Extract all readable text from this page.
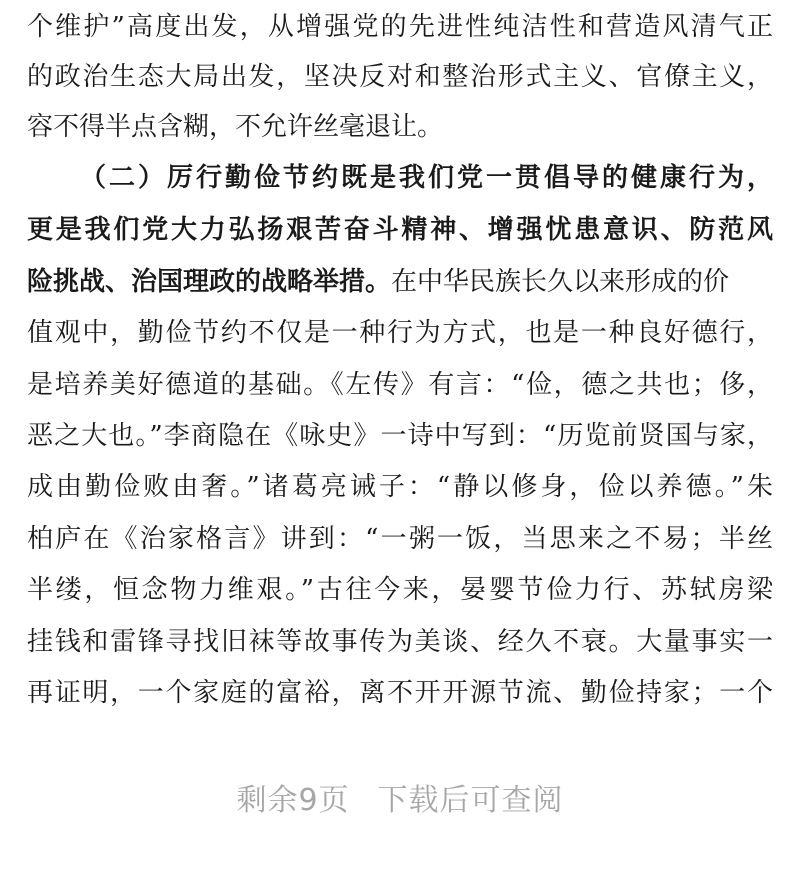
个维护”高度出发，从增强党的先进性纯洁性和营造风清气正
的政治生态大局出发，坚决反对和整治形式主义、官僚主义，
容不得半点含糊，不允许丝毫退让。
（二）厉行勤俭节约既是我们党一贯倡导的健康行为，
更是我们党大力弘扬艰苦奋斗精神、增强忧患意识、防范风
险挑战、治国理政的战略举措。在中华民族长久以来形成的价
值观中，勤俭节约不仅是一种行为方式，也是一种良好德行，
是培养美好德道的基础。《左传》有言：“俭，德之共也；侈，
恶之大也。”李商隐在《咏史》一诗中写到：“历览前贤国与家，
成由勤俭败由奢。”诸葛亮诫子：“静以修身，俭以养德。”朱
柏庐在《治家格言》讲到：“一粥一饭，当思来之不易；半丝
半缕，恒念物力维艰。”古往今来，晏婴节俭力行、苏轼房梁
挂钱和雷锋寻找旧袜等故事传为美谈、经久不衰。大量事实一
再证明，一个家庭的富裕，离不开开源节流、勤俭持家；一个
剩余9页 下载后可查阅
